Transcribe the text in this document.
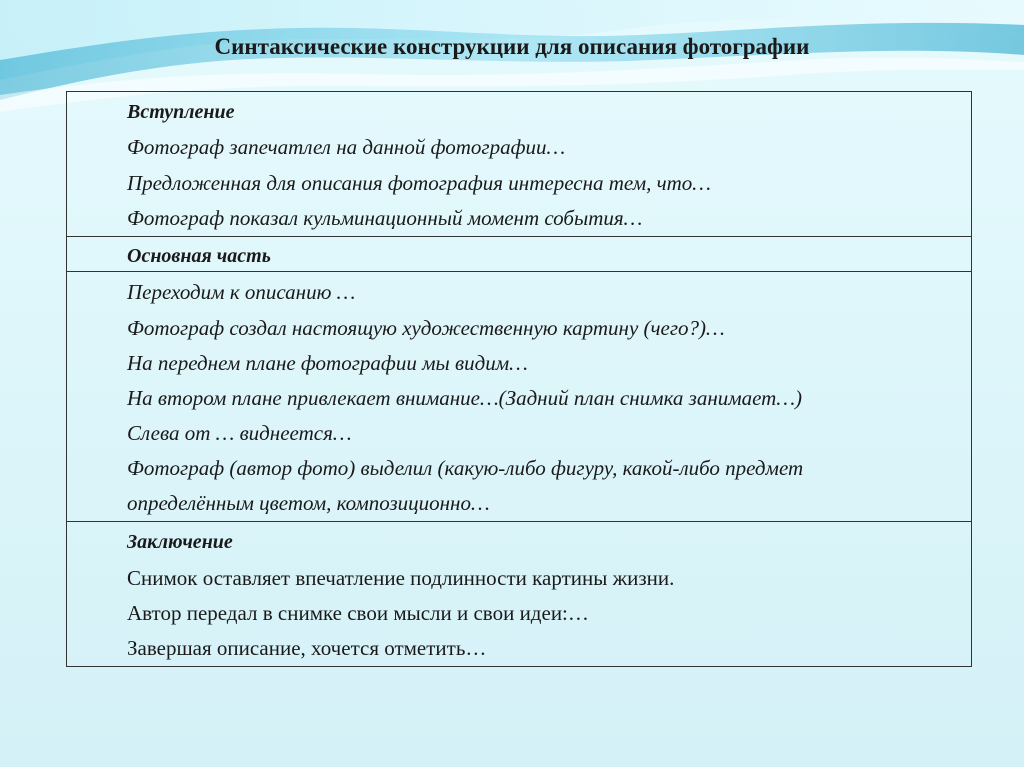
Синтаксические конструкции для описания фотографии
Вступление
Фотограф запечатлел на данной фотографии…
Предложенная для описания фотография интересна тем, что…
Фотограф показал кульминационный момент события…
Основная часть
Переходим к описанию …
Фотограф создал настоящую художественную картину (чего?)…
На переднем плане фотографии мы видим…
На втором плане привлекает внимание…(Задний план снимка занимает…)
Слева от … виднеется…
Фотограф (автор фото) выделил (какую-либо фигуру, какой-либо предмет
определённым цветом, композиционно…
Заключение
Снимок оставляет впечатление подлинности картины жизни.
Автор передал в снимке свои мысли и свои идеи:…
Завершая описание, хочется отметить…
